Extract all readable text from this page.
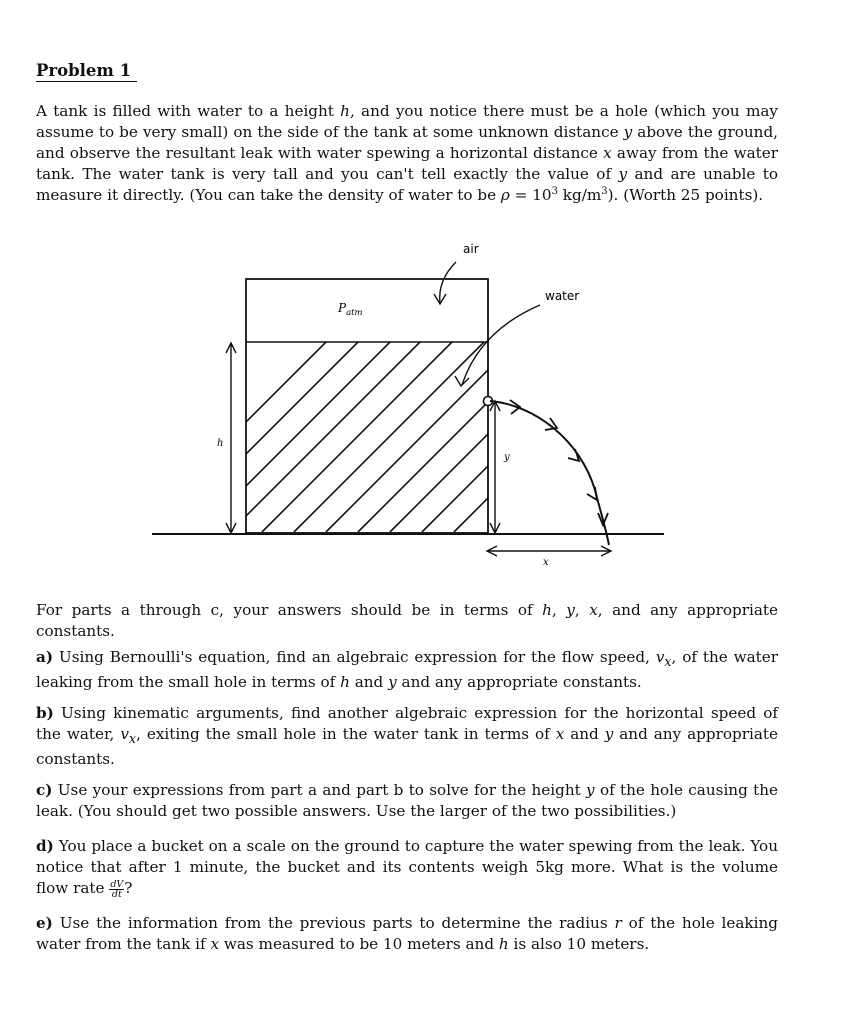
Problem 1

A tank is filled with water to a height h, and you notice there must be a hole (which you may assume to be very small) on the side of the tank at some unknown distance y above the ground, and observe the resultant leak with water spewing a horizontal distance x away from the water tank. The water tank is very tall and you can't tell exactly the value of y and are unable to measure it directly. (You can take the density of water to be $\rho = 10^3$ $kg/m^3$). (Worth 25 points).

h
y
x
air
water
$P_{atm}$

For parts a through c, your answers should be in terms of h, y, x, and any appropriate constants.

a) Using Bernoulli's equation, find an algebraic expression for the flow speed, $v_x$, of the water leaking from the small hole in terms of h and y and any appropriate constants.

b) Using kinematic arguments, find another algebraic expression for the horizontal speed of the water, $v_x$, exiting the small hole in the water tank in terms of x and y and any appropriate constants.

c) Use your expressions from part a and part b to solve for the height y of the hole causing the leak. (You should get two possible answers. Use the larger of the two possibilities.)

d) You place a bucket on a scale on the ground to capture the water spewing from the leak. You notice that after 1 minute, the bucket and its contents weigh 5kg more. What is the volume flow rate $\frac{dV}{dt}$ ?

e) Use the information from the previous parts to determine the radius r of the hole leaking water from the tank if x was measured to be 10 meters and h is also 10 meters.
